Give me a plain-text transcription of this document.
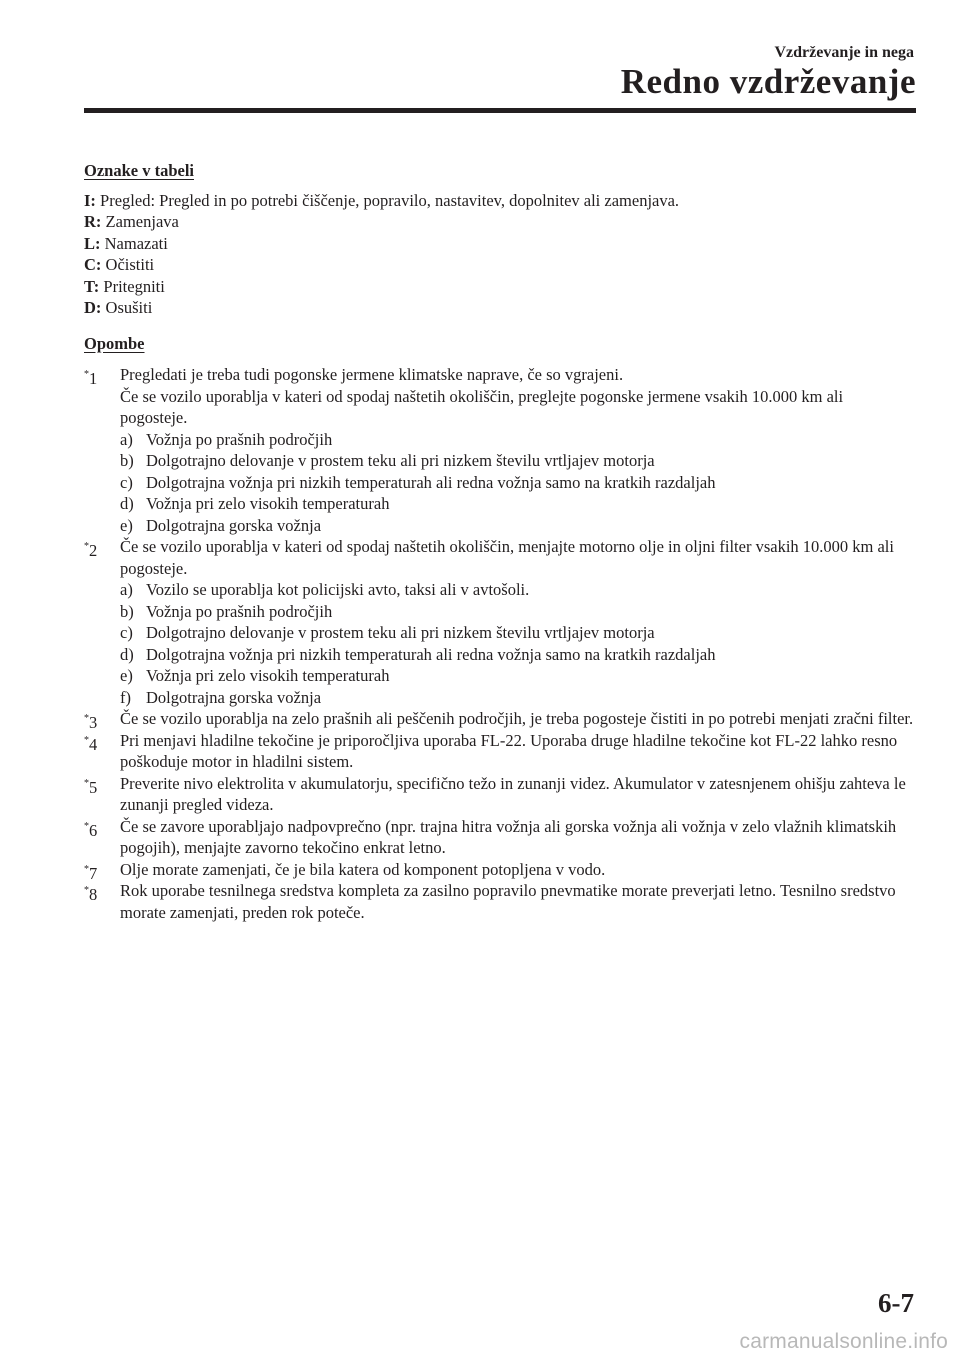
Vzdrževanje in nega
Redno vzdrževanje
Oznake v tabeli

I: Pregled: Pregled in po potrebi čiščenje, popravilo, nastavitev, dopolnitev ali zamenjava.

R: Zamenjava

L: Namazati

C: Očistiti

T: Pritegniti

D: Osušiti

Opombe
*1 Pregledati je treba tudi pogonske jermene klimatske naprave, če so vgrajeni.

Če se vozilo uporablja v kateri od spodaj naštetih okoliščin, preglejte pogonske jermene vsakih 10.000 km ali pogosteje.

a) Vožnja po prašnih področjih
b) Dolgotrajno delovanje v prostem teku ali pri nizkem številu vrtljajev motorja
c) Dolgotrajna vožnja pri nizkih temperaturah ali redna vožnja samo na kratkih razdaljah
d) Vožnja pri zelo visokih temperaturah
e) Dolgotrajna gorska vožnja
*2 Če se vozilo uporablja v kateri od spodaj naštetih okoliščin, menjajte motorno olje in oljni filter vsakih 10.000 km ali pogosteje.

a) Vozilo se uporablja kot policijski avto, taksi ali v avtošoli.
b) Vožnja po prašnih področjih
c) Dolgotrajno delovanje v prostem teku ali pri nizkem številu vrtljajev motorja
d) Dolgotrajna vožnja pri nizkih temperaturah ali redna vožnja samo na kratkih razdaljah
e) Vožnja pri zelo visokih temperaturah
f) Dolgotrajna gorska vožnja
*3 Če se vozilo uporablja na zelo prašnih ali peščenih področjih, je treba pogosteje čistiti in po potrebi menjati zračni filter.

*4 Pri menjavi hladilne tekočine je priporočljiva uporaba FL-22. Uporaba druge hladilne tekočine kot FL-22 lahko resno poškoduje motor in hladilni sistem.

*5 Preverite nivo elektrolita v akumulatorju, specifično težo in zunanji videz. Akumulator v zatesnjenem ohišju zahteva le zunanji pregled videza.

*6 Če se zavore uporabljajo nadpovprečno (npr. trajna hitra vožnja ali gorska vožnja ali vožnja v zelo vlažnih klimatskih pogojih), menjajte zavorno tekočino enkrat letno.

*7 Olje morate zamenjati, če je bila katera od komponent potopljena v vodo.

*8 Rok uporabe tesnilnega sredstva kompleta za zasilno popravilo pnevmatike morate preverjati letno. Tesnilno sredstvo morate zamenjati, preden rok poteče.

6-7
carmanualsonline.info
